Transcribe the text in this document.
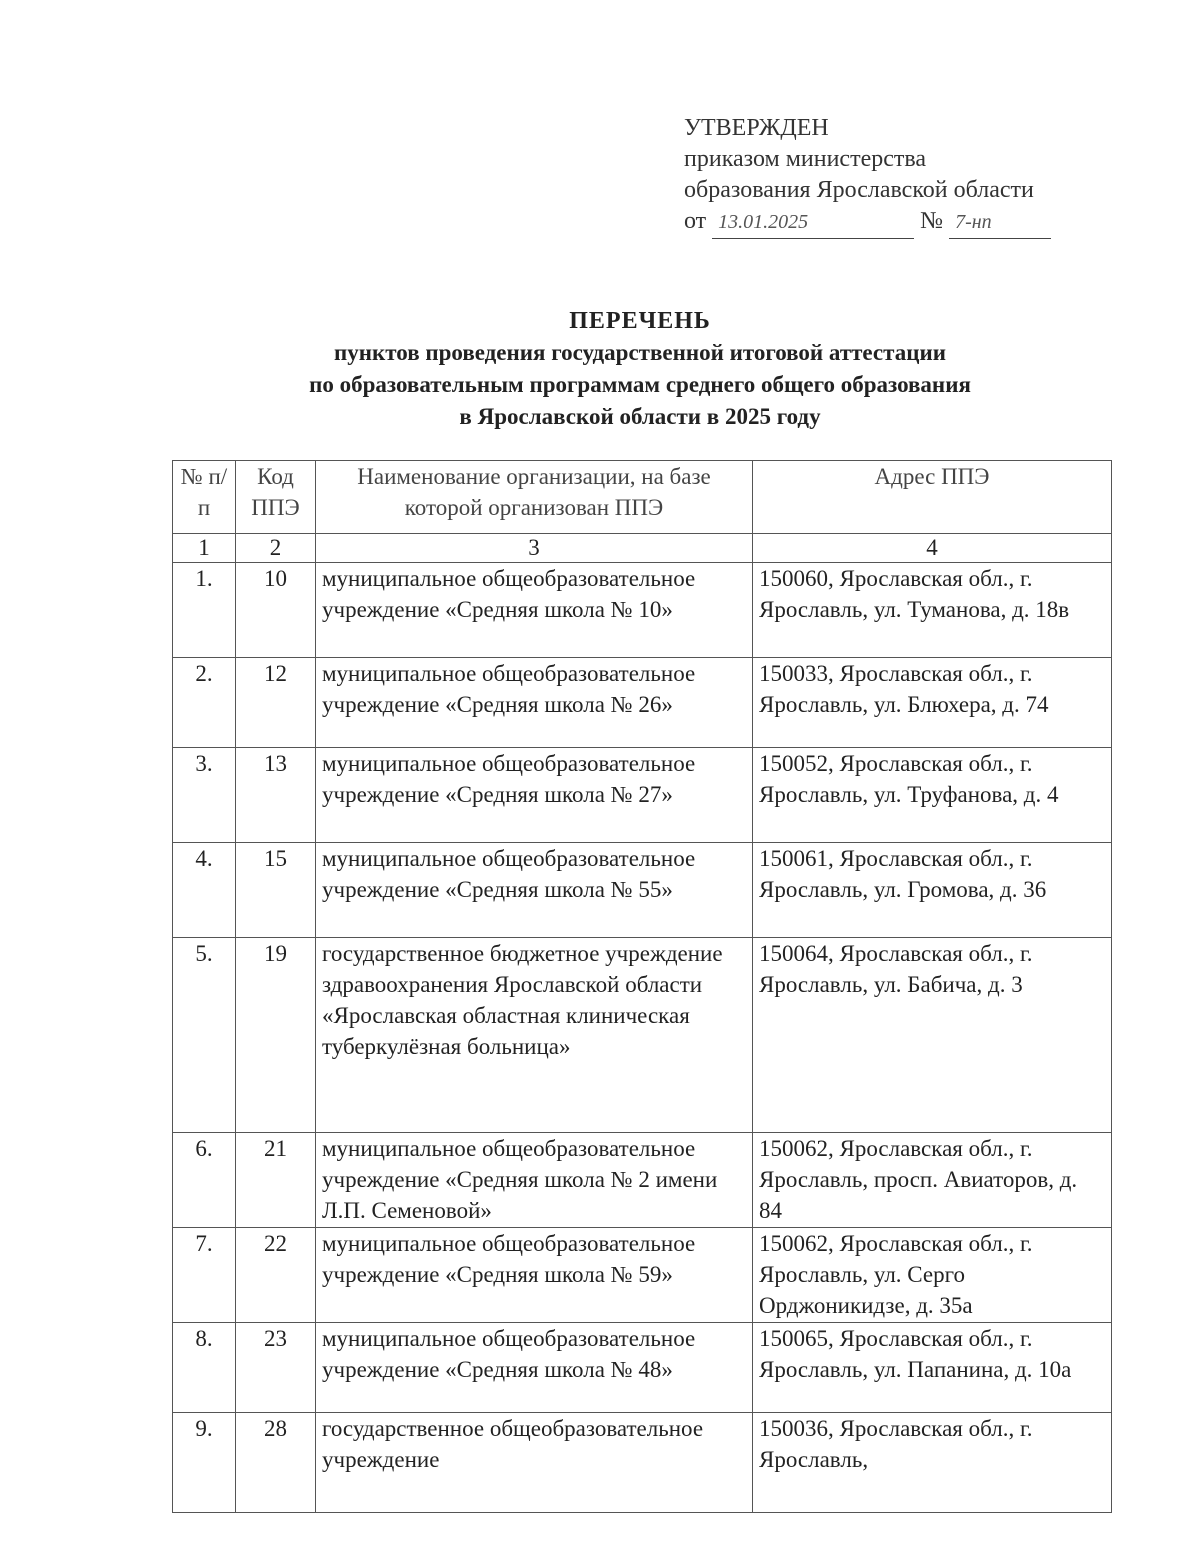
УТВЕРЖДЕН
приказом министерства
образования Ярославской области
от 13.01.2025	№ 7-нп
ПЕРЕЧЕНЬ
пунктов проведения государственной итоговой аттестации
по образовательным программам среднего общего образования
в Ярославской области в 2025 году
№ п/п	Код ППЭ	Наименование организации, на базе которой организован ППЭ	Адрес ППЭ
1	2	3	4
1.	10	муниципальное общеобразовательное учреждение «Средняя школа № 10»	150060, Ярославская обл., г. Ярославль, ул. Туманова, д. 18в
2.	12	муниципальное общеобразовательное учреждение «Средняя школа № 26»	150033, Ярославская обл., г. Ярославль, ул. Блюхера, д. 74
3.	13	муниципальное общеобразовательное учреждение «Средняя школа № 27»	150052, Ярославская обл., г. Ярославль, ул. Труфанова, д. 4
4.	15	муниципальное общеобразовательное учреждение «Средняя школа № 55»	150061, Ярославская обл., г. Ярославль, ул. Громова, д. 36
5.	19	государственное бюджетное учреждение здравоохранения Ярославской области «Ярославская областная клиническая туберкулёзная больница»	150064, Ярославская обл., г. Ярославль, ул. Бабича, д. 3
6.	21	муниципальное общеобразовательное учреждение «Средняя школа № 2 имени Л.П. Семеновой»	150062, Ярославская обл., г. Ярославль, просп. Авиаторов, д. 84
7.	22	муниципальное общеобразовательное учреждение «Средняя школа № 59»	150062, Ярославская обл., г. Ярославль, ул. Серго Орджоникидзе, д. 35а
8.	23	муниципальное общеобразовательное учреждение «Средняя школа № 48»	150065, Ярославская обл., г. Ярославль, ул. Папанина, д. 10а
9.	28	государственное общеобразовательное учреждение	150036, Ярославская обл., г. Ярославль,
